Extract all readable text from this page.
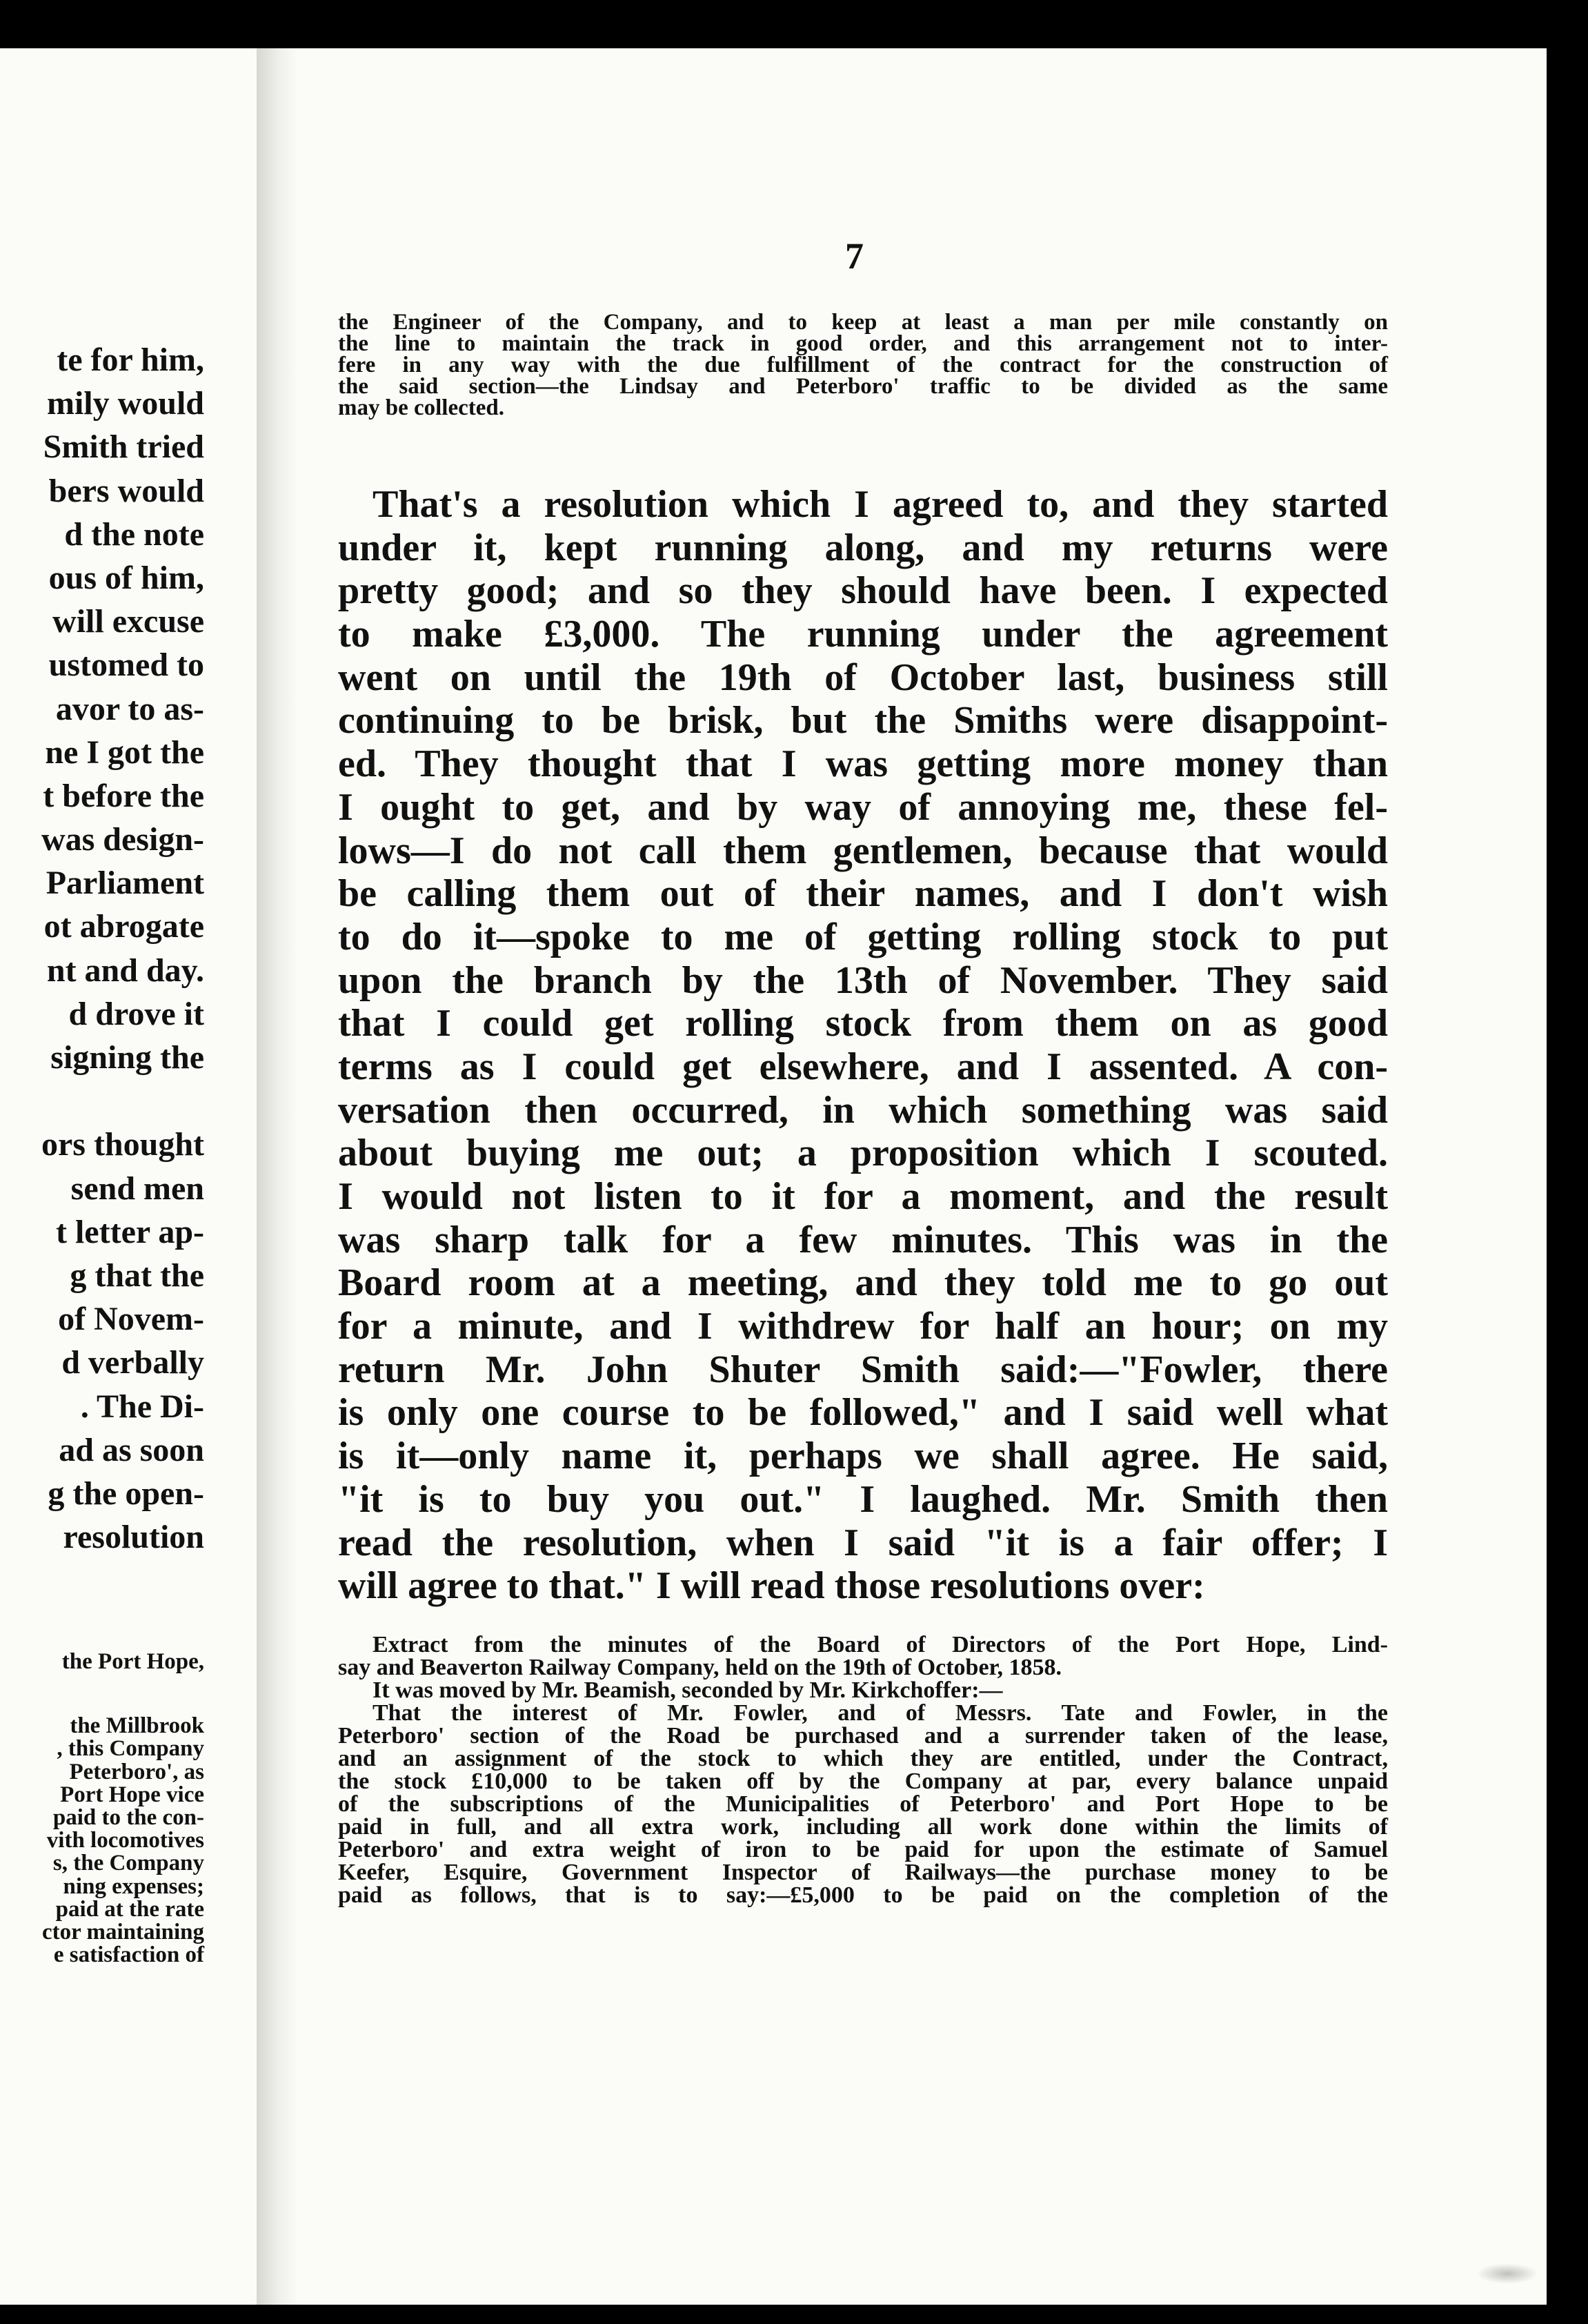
te for him,
mily would
Smith tried
bers would
d the note
ous of him,
will excuse
ustomed to
avor to as-
ne I got the
t before the
was design-
Parliament
ot abrogate
nt and day.
d drove it
signing the
ors thought
send men
t letter ap-
g that the
of Novem-
d verbally
. The Di-
ad as soon
g the open-
resolution
the Port Hope,
the Millbrook
, this Company
Peterboro', as
Port Hope vice
paid to the con-
vith locomotives
s, the Company
ning expenses;
paid at the rate
ctor maintaining
e satisfaction of
7
the Engineer of the Company, and to keep at least a man per mile constantly on
the line to maintain the track in good order, and this arrangement not to inter-
fere in any way with the due fulfillment of the contract for the construction of
the said section—the Lindsay and Peterboro' traffic to be divided as the same
may be collected.
That's a resolution which I agreed to, and they started
under it, kept running along, and my returns were
pretty good; and so they should have been. I expected
to make £3,000. The running under the agreement
went on until the 19th of October last, business still
continuing to be brisk, but the Smiths were disappoint-
ed. They thought that I was getting more money than
I ought to get, and by way of annoying me, these fel-
lows—I do not call them gentlemen, because that would
be calling them out of their names, and I don't wish
to do it—spoke to me of getting rolling stock to put
upon the branch by the 13th of November. They said
that I could get rolling stock from them on as good
terms as I could get elsewhere, and I assented. A con-
versation then occurred, in which something was said
about buying me out; a proposition which I scouted.
I would not listen to it for a moment, and the result
was sharp talk for a few minutes. This was in the
Board room at a meeting, and they told me to go out
for a minute, and I withdrew for half an hour; on my
return Mr. John Shuter Smith said:—"Fowler, there
is only one course to be followed," and I said well what
is it—only name it, perhaps we shall agree. He said,
"it is to buy you out." I laughed. Mr. Smith then
read the resolution, when I said "it is a fair offer; I
will agree to that." I will read those resolutions over:
Extract from the minutes of the Board of Directors of the Port Hope, Lind-
say and Beaverton Railway Company, held on the 19th of October, 1858.
It was moved by Mr. Beamish, seconded by Mr. Kirkchoffer:—
That the interest of Mr. Fowler, and of Messrs. Tate and Fowler, in the
Peterboro' section of the Road be purchased and a surrender taken of the lease,
and an assignment of the stock to which they are entitled, under the Contract,
the stock £10,000 to be taken off by the Company at par, every balance unpaid
of the subscriptions of the Municipalities of Peterboro' and Port Hope to be
paid in full, and all extra work, including all work done within the limits of
Peterboro' and extra weight of iron to be paid for upon the estimate of Samuel
Keefer, Esquire, Government Inspector of Railways—the purchase money to be
paid as follows, that is to say:—£5,000 to be paid on the completion of the
